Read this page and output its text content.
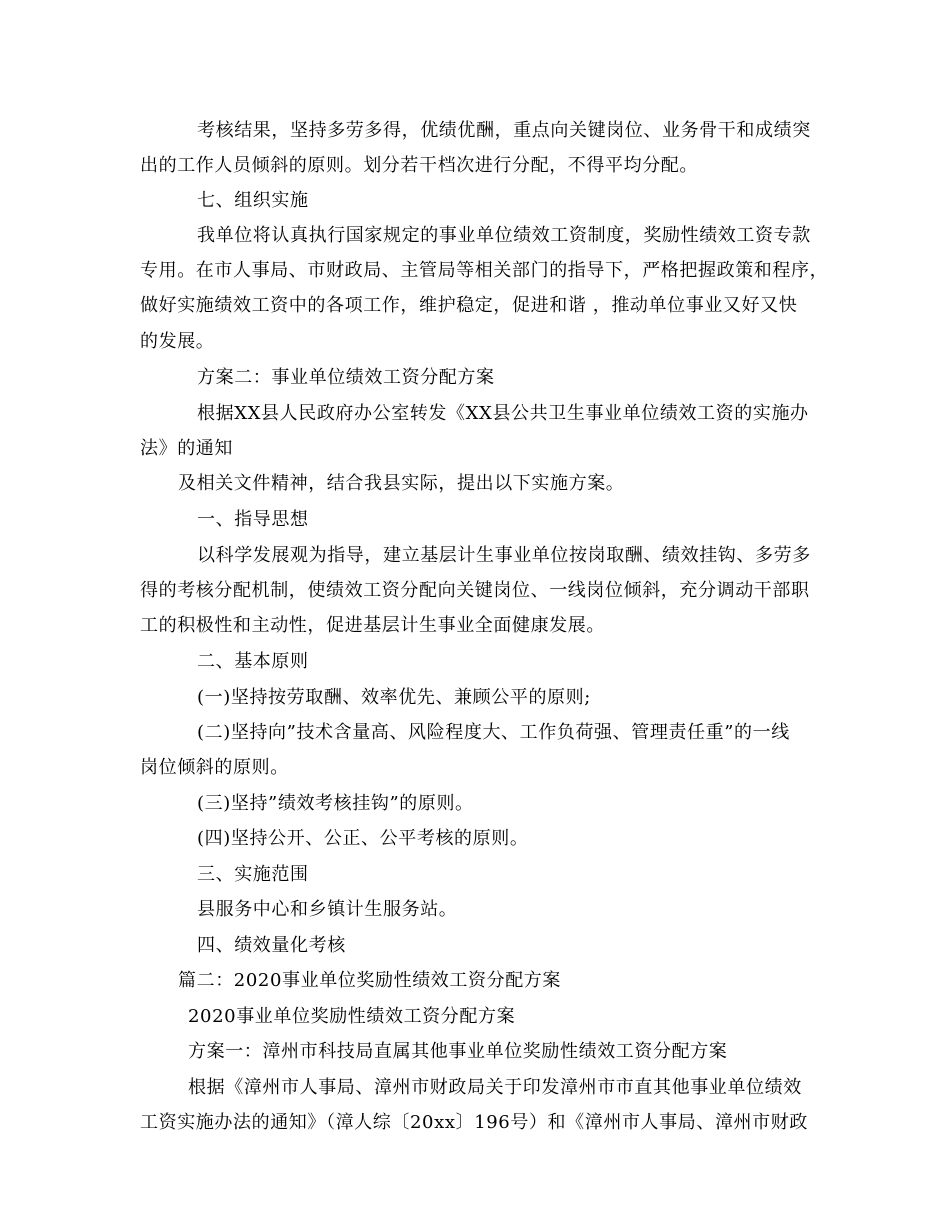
考核结果，坚持多劳多得，优绩优酬，重点向关键岗位、业务骨干和成绩突
出的工作人员倾斜的原则。划分若干档次进行分配，不得平均分配。
七、组织实施
我单位将认真执行国家规定的事业单位绩效工资制度，奖励性绩效工资专款
专用。在市人事局、市财政局、主管局等相关部门的指导下，严格把握政策和程序，
做好实施绩效工资中的各项工作，维护稳定，促进和谐 ，推动单位事业又好又快
的发展。
方案二：事业单位绩效工资分配方案
根据XX县人民政府办公室转发《XX县公共卫生事业单位绩效工资的实施办
法》的通知
及相关文件精神，结合我县实际，提出以下实施方案。
一、指导思想
以科学发展观为指导，建立基层计生事业单位按岗取酬、绩效挂钩、多劳多
得的考核分配机制，使绩效工资分配向关键岗位、一线岗位倾斜，充分调动干部职
工的积极性和主动性，促进基层计生事业全面健康发展。
二、基本原则
(一)坚持按劳取酬、效率优先、兼顾公平的原则;
(二)坚持向”技术含量高、风险程度大、工作负荷强、管理责任重”的一线
岗位倾斜的原则。
(三)坚持”绩效考核挂钩”的原则。
(四)坚持公开、公正、公平考核的原则。
三、实施范围
县服务中心和乡镇计生服务站。
四、绩效量化考核
篇二：2020事业单位奖励性绩效工资分配方案
2020事业单位奖励性绩效工资分配方案
方案一：漳州市科技局直属其他事业单位奖励性绩效工资分配方案
根据《漳州市人事局、漳州市财政局关于印发漳州市市直其他事业单位绩效
工资实施办法的通知》（漳人综〔20xx〕196号）和《漳州市人事局、漳州市财政
